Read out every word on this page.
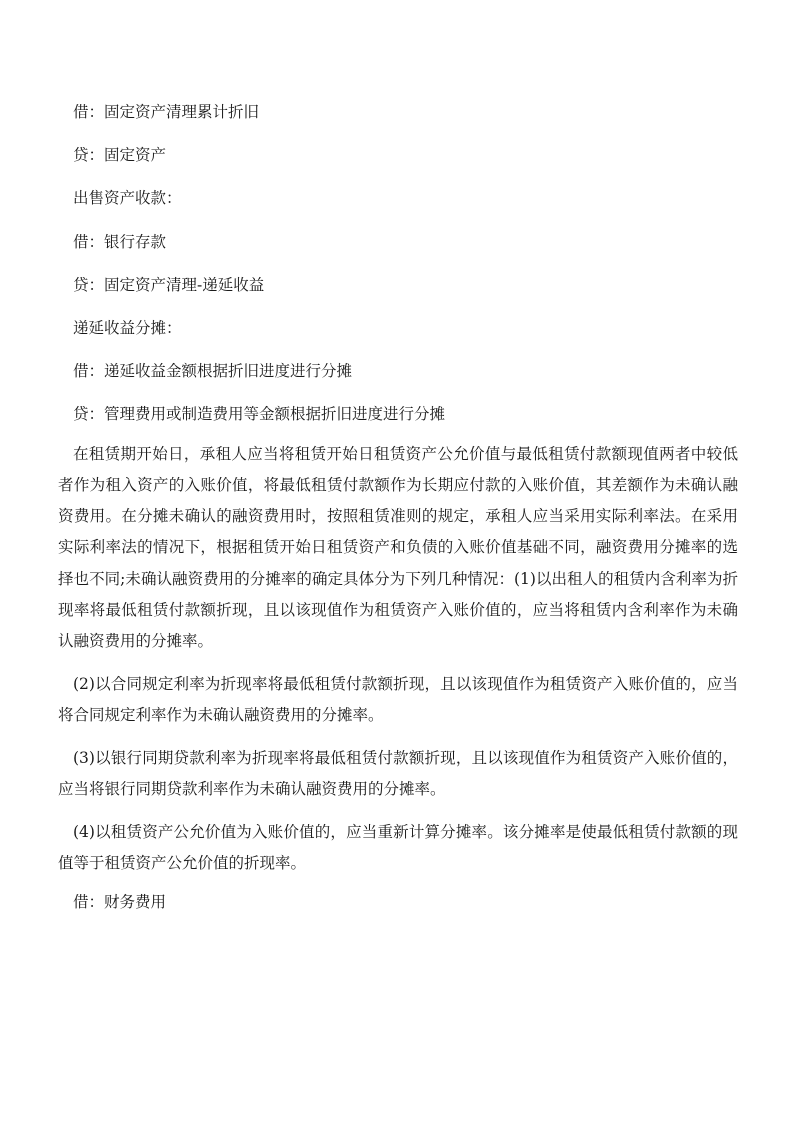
借：固定资产清理累计折旧
贷：固定资产
出售资产收款：
借：银行存款
贷：固定资产清理-递延收益
递延收益分摊：
借：递延收益金额根据折旧进度进行分摊
贷：管理费用或制造费用等金额根据折旧进度进行分摊

在租赁期开始日，承租人应当将租赁开始日租赁资产公允价值与最低租赁付款额现值两者中较低者作为租入资产的入账价值，将最低租赁付款额作为长期应付款的入账价值，其差额作为未确认融资费用。在分摊未确认的融资费用时，按照租赁准则的规定，承租人应当采用实际利率法。在采用实际利率法的情况下，根据租赁开始日租赁资产和负债的入账价值基础不同，融资费用分摊率的选择也不同;未确认融资费用的分摊率的确定具体分为下列几种情况：(1)以出租人的租赁内含利率为折现率将最低租赁付款额折现，且以该现值作为租赁资产入账价值的，应当将租赁内含利率作为未确认融资费用的分摊率。

(2)以合同规定利率为折现率将最低租赁付款额折现，且以该现值作为租赁资产入账价值的，应当将合同规定利率作为未确认融资费用的分摊率。

(3)以银行同期贷款利率为折现率将最低租赁付款额折现，且以该现值作为租赁资产入账价值的，应当将银行同期贷款利率作为未确认融资费用的分摊率。

(4)以租赁资产公允价值为入账价值的，应当重新计算分摊率。该分摊率是使最低租赁付款额的现值等于租赁资产公允价值的折现率。

借：财务费用
